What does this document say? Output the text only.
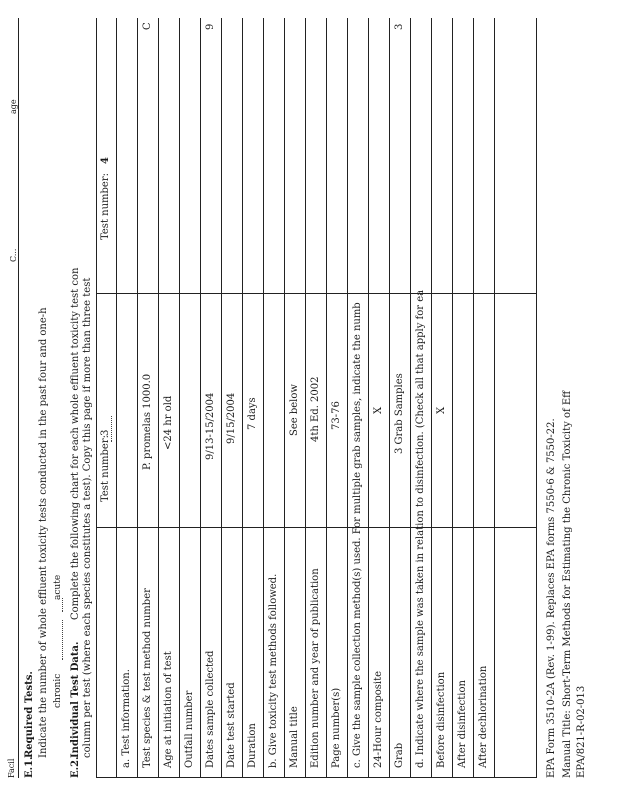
Facil
C...
age
E.1.
Required Tests. Indicate the number of whole effluent toxicity tests conducted in the past four and one-h chronic
acute
E.2.
Individual Test Data.
Complete the following chart for each whole effluent toxicity test con column per test (where each species constitutes a test). Copy this page if more than three test Test number:
3
Test number:
4
a. Test information. Test species & test method number
P. promelas 1000.0
C
Age at initiation of test
<24 hr old
Outfall number Dates sample collected
9/13-15/2004
9
Date test started
9/15/2004
Duration
7 days
b. Give toxicity test methods followed. Manual title
See below
Edition number and year of publication
4th Ed. 2002
Page number(s)
73-76 c. Give the sample collection method(s) used. For multiple grab samples, indicate the numb 24-Hour composite
X
Grab
3 Grab Samples
3
d. Indicate where the sample was taken in relation to disinfection. (Check all that apply for ea Before disinfection
X
After disinfection After dechlorination	EPA Form 3510-2A (Rev. 1-99). Replaces EPA forms 7550-6 & 7550-22. Manual Title: Short-Term Methods for Estimating the Chronic Toxicity of Eff EPA/821-R-02-013
